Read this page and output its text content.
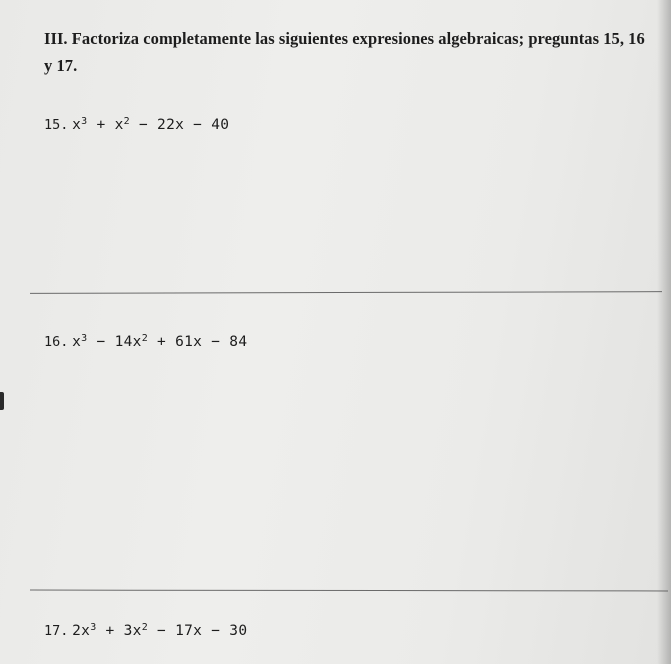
III. Factoriza completamente las siguientes expresiones algebraicas; preguntas 15, 16
y 17.
15. $x^3 + x^2 - 22x - 40$
16. $x^3 - 14x^2 + 61x - 84$
17. $2x^3 + 3x^2 - 17x - 30$
